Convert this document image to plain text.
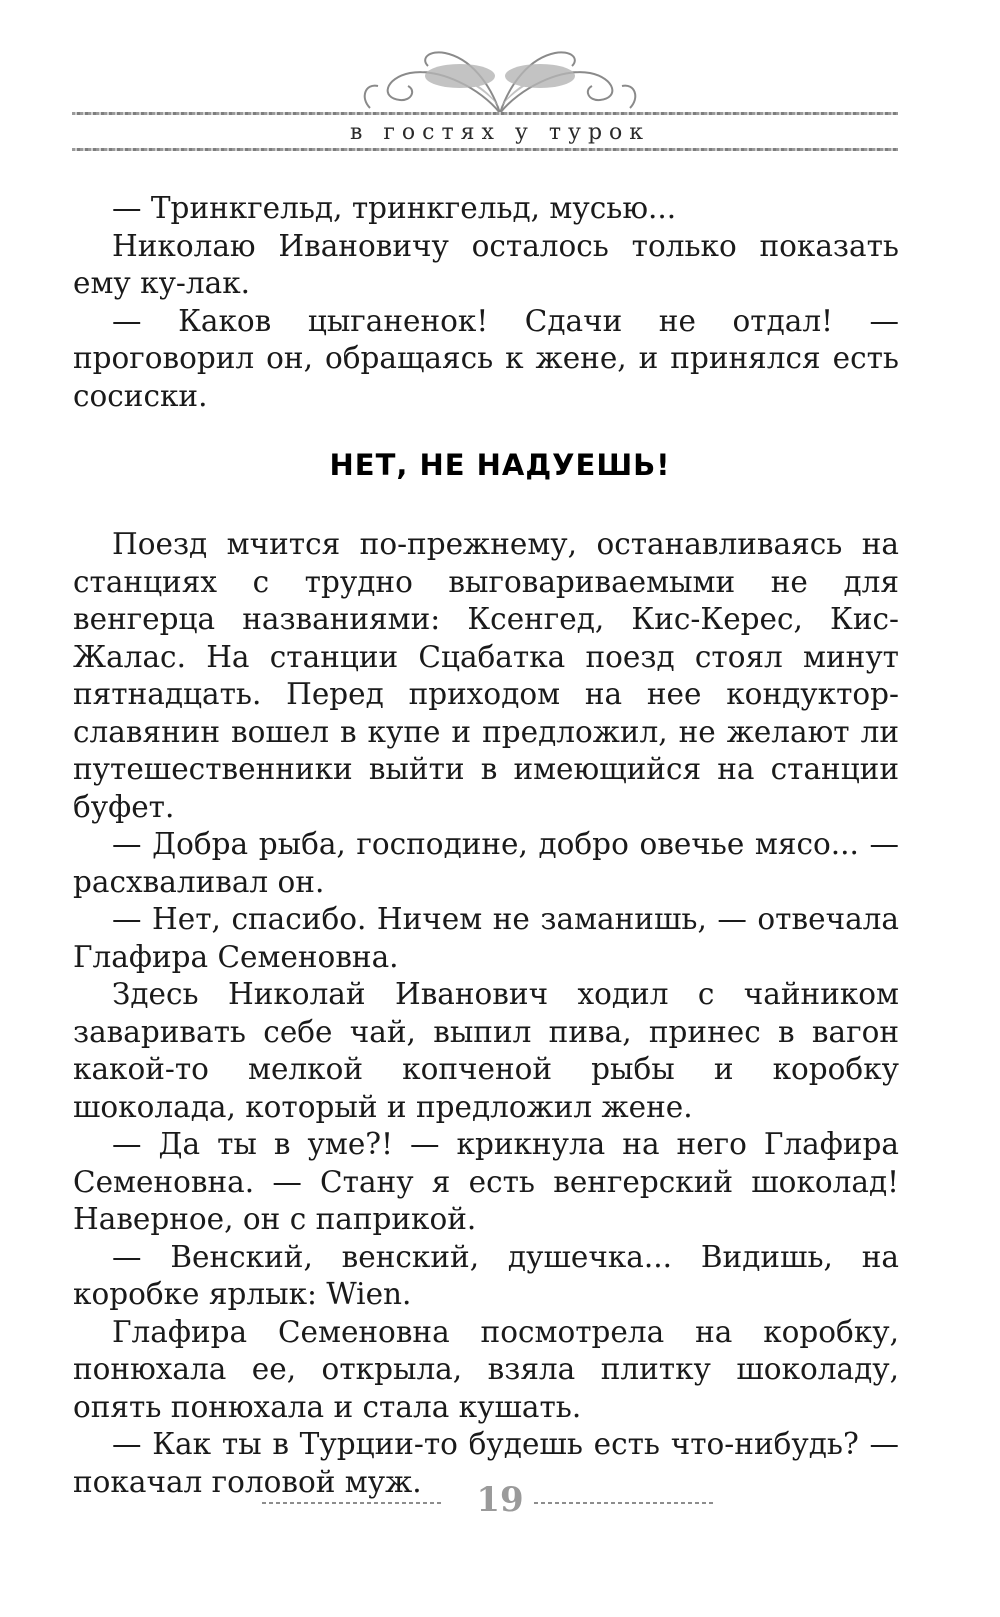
в гостях у турок

— Тринкгельд, тринкгельд, мусью...

Николаю Ивановичу осталось только показать ему ку-лак.

— Каков цыганенок! Сдачи не отдал! — проговорил он, обращаясь к жене, и принялся есть сосиски.

НЕТ, НЕ НАДУЕШЬ!

Поезд мчится по-прежнему, останавливаясь на станциях с трудно выговариваемыми не для венгерца названиями: Ксенгед, Кис-Керес, Кис-Жалас. На станции Сцабатка поезд стоял минут пятнадцать. Перед приходом на нее кондуктор-славянин вошел в купе и предложил, не желают ли путешественники выйти в имеющийся на станции буфет.

— Добра рыба, господине, добро овечье мясо... — расхваливал он.

— Нет, спасибо. Ничем не заманишь, — отвечала Глафира Семеновна.

Здесь Николай Иванович ходил с чайником заваривать себе чай, выпил пива, принес в вагон какой-то мелкой копченой рыбы и коробку шоколада, который и предложил жене.

— Да ты в уме?! — крикнула на него Глафира Семеновна. — Стану я есть венгерский шоколад! Наверное, он с паприкой.

— Венский, венский, душечка... Видишь, на коробке ярлык: Wien.

Глафира Семеновна посмотрела на коробку, понюхала ее, открыла, взяла плитку шоколаду, опять понюхала и стала кушать.

— Как ты в Турции-то будешь есть что-нибудь? — покачал головой муж.	19
